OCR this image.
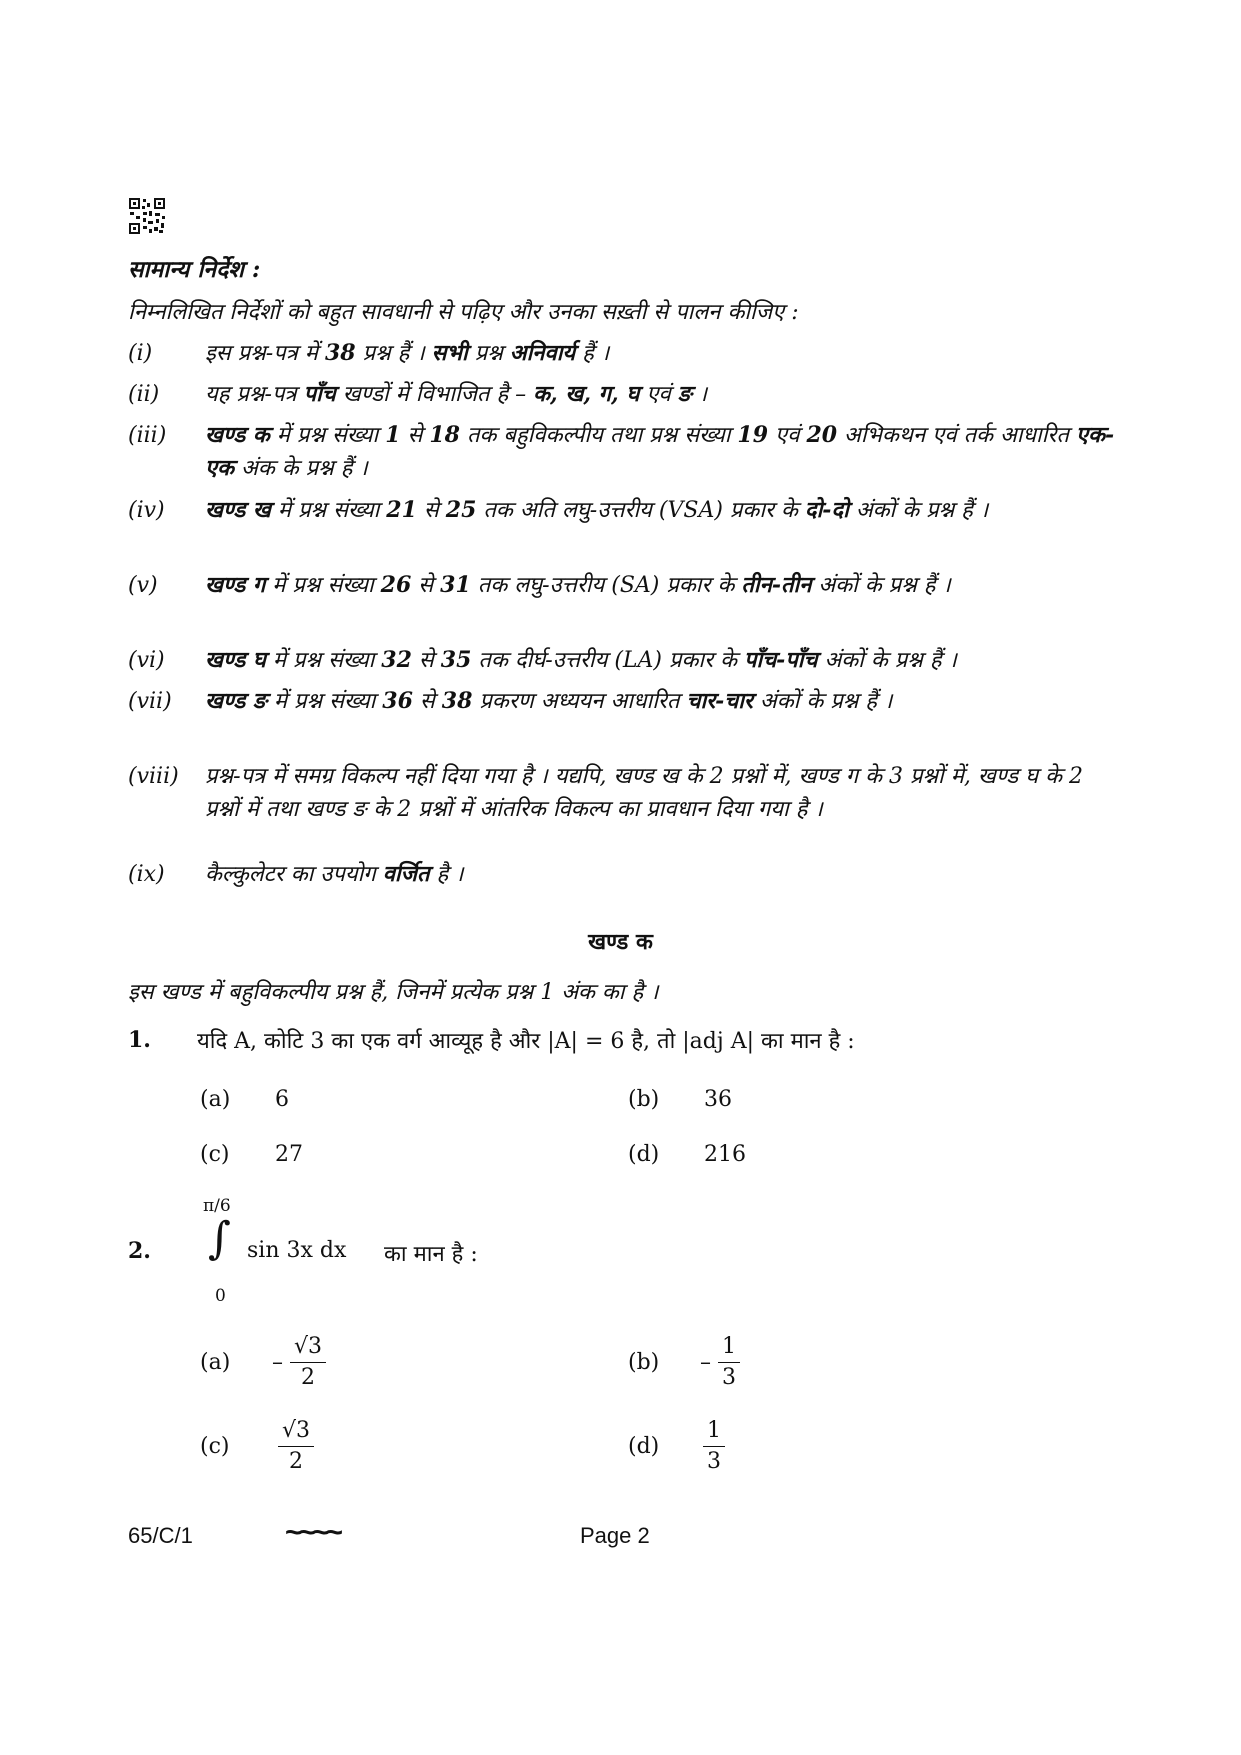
सामान्य निर्देश :
निम्नलिखित निर्देशों को बहुत सावधानी से पढ़िए और उनका सख़्ती से पालन कीजिए :
(i)	इस प्रश्न-पत्र में 38 प्रश्न हैं । सभी प्रश्न अनिवार्य हैं ।
(ii)	यह प्रश्न-पत्र पाँच खण्डों में विभाजित है – क, ख, ग, घ एवं ङ ।
(iii)	खण्ड क में प्रश्न संख्या 1 से 18 तक बहुविकल्पीय तथा प्रश्न संख्या 19 एवं 20 अभिकथन एवं तर्क आधारित एक-एक अंक के प्रश्न हैं ।
(iv)	खण्ड ख में प्रश्न संख्या 21 से 25 तक अति लघु-उत्तरीय (VSA) प्रकार के दो-दो अंकों के प्रश्न हैं ।
(v)	खण्ड ग में प्रश्न संख्या 26 से 31 तक लघु-उत्तरीय (SA) प्रकार के तीन-तीन अंकों के प्रश्न हैं ।
(vi)	खण्ड घ में प्रश्न संख्या 32 से 35 तक दीर्घ-उत्तरीय (LA) प्रकार के पाँच-पाँच अंकों के प्रश्न हैं ।
(vii)	खण्ड ङ में प्रश्न संख्या 36 से 38 प्रकरण अध्ययन आधारित चार-चार अंकों के प्रश्न हैं ।
(viii)	प्रश्न-पत्र में समग्र विकल्प नहीं दिया गया है । यद्यपि, खण्ड ख के 2 प्रश्नों में, खण्ड ग के 3 प्रश्नों में, खण्ड घ के 2 प्रश्नों में तथा खण्ड ङ के 2 प्रश्नों में आंतरिक विकल्प का प्रावधान दिया गया है ।
(ix)	कैल्कुलेटर का उपयोग वर्जित है ।
खण्ड क
इस खण्ड में बहुविकल्पीय प्रश्न हैं, जिनमें प्रत्येक प्रश्न 1 अंक का है ।
1. यदि A, कोटि 3 का एक वर्ग आव्यूह है और |A| = 6 है, तो |adj A| का मान है :
(a) 6	(b) 36
(c) 27	(d) 216
2.
π/6
∫
0
sin 3x dx का मान है :
$(a) - \frac{√3}{2}$	$(b) - \frac{1}{3}$
$(c) \frac{√3}{2}$	$(d) \frac{1}{3}$
65/C/1	~~~~	Page 2
